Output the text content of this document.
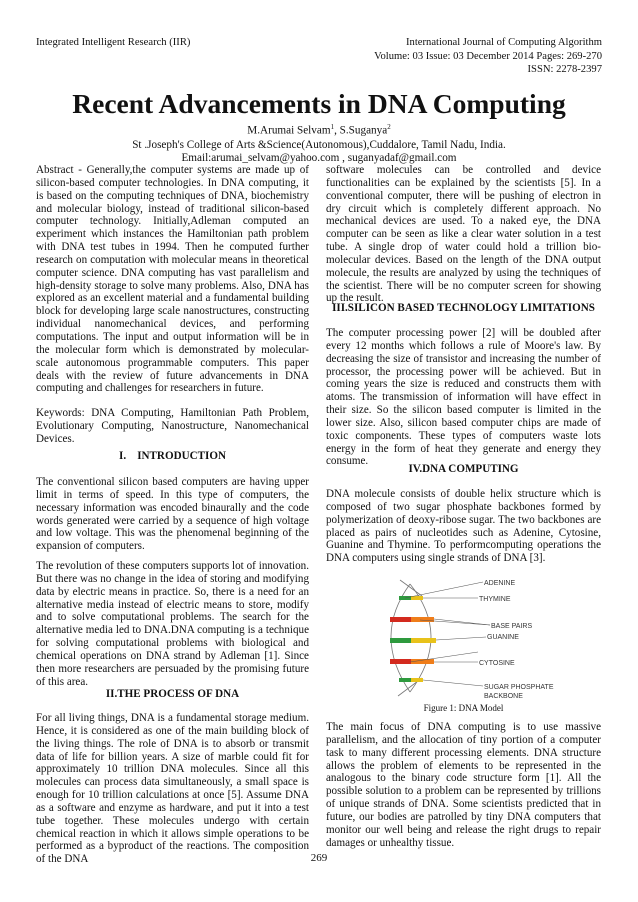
Integrated Intelligent Research (IIR)	International Journal of Computing Algorithm
Volume: 03 Issue: 03 December 2014 Pages: 269-270
ISSN: 2278-2397
Recent Advancements in DNA Computing
M.Arumai Selvam$^1$, S.Suganya$^2$
St .Joseph's College of Arts &Science(Autonomous),Cuddalore, Tamil Nadu, India.
Email:arumai_selvam@yahoo.com , suganyadaf@gmail.com
Abstract - Generally,the computer systems are made up of silicon-based computer technologies. In DNA computing, it is based on the computing techniques of DNA, biochemistry and molecular biology, instead of traditional silicon-based computer technology. Initially,Adleman computed an experiment which instances the Hamiltonian path problem with DNA test tubes in 1994. Then he computed further research on computation with molecular means in theoretical computer science. DNA computing has vast parallelism and high-density storage to solve many problems. Also, DNA has explored as an excellent material and a fundamental building block for developing large scale nanostructures, constructing individual nanomechanical devices, and performing computations. The input and output information will be in the molecular form which is demonstrated by molecular-scale autonomous programmable computers. This paper deals with the review of future advancements in DNA computing and challenges for researchers in future.
Keywords: DNA Computing, Hamiltonian Path Problem, Evolutionary Computing, Nanostructure, Nanomechanical Devices.
I.    INTRODUCTION
The conventional silicon based computers are having upper limit in terms of speed. In this type of computers, the necessary information was encoded binaurally and the code words generated were carried by a sequence of high voltage and low voltage. This was the phenomenal beginning of the expansion of computers.
The revolution of these computers supports lot of innovation. But there was no change in the idea of storing and modifying data by electric means in practice. So, there is a need for an alternative media instead of electric means to store, modify and to solve computational problems. The search for the alternative media led to DNA.DNA computing is a technique for solving computational problems with biological and chemical operations on DNA strand by Adleman [1]. Since then more researchers are persuaded by the promising future of this area.
II.THE PROCESS OF DNA
For all living things, DNA is a fundamental storage medium. Hence, it is considered as one of the main building block of the living things. The role of DNA is to absorb or transmit data of life for billion years. A size of marble could fit for approximately 10 trillion DNA molecules. Since all this molecules can process data simultaneously, a small space is enough for 10 trillion calculations at once [5]. Assume DNA as a software and enzyme as hardware, and put it into a test tube together. These molecules undergo with certain chemical reaction in which it allows simple operations to be performed as a byproduct of the reactions. The composition of the DNA
software molecules can be controlled and device functionalities can be explained by the scientists [5]. In a conventional computer, there will be pushing of electron in dry circuit which is completely different approach. No mechanical devices are used. To a naked eye, the DNA computer can be seen as like a clear water solution in a test tube. A single drop of water could hold a trillion bio-molecular devices. Based on the length of the DNA output molecule, the results are analyzed by using the techniques of the scientist. There will be no computer screen for showing up the result.
III.SILICON BASED TECHNOLOGY LIMITATIONS
The computer processing power [2] will be doubled after every 12 months which follows a rule of Moore's law. By decreasing the size of transistor and increasing the number of processor, the processing power will be achieved. But in coming years the size is reduced and constructs them with atoms. The transmission of information will have effect in their size. So the silicon based computer is limited in the lower size. Also, silicon based computer chips are made of toxic components. These types of computers waste lots energy in the form of heat they generate and energy they consume.
IV.DNA COMPUTING
DNA molecule consists of double helix structure which is composed of two sugar phosphate backbones formed by polymerization of deoxy-ribose sugar. The two backbones are placed as pairs of nucleotides such as Adenine, Cytosine, Guanine and Thymine. To performcomputing operations the DNA computers using single strands of DNA [3].
ADENINE
THYMINE
BASE PAIRS
GUANINE
CYTOSINE
SUGAR PHOSPHATE
BACKBONE
Figure 1: DNA Model
The main focus of DNA computing is to use massive parallelism, and the allocation of tiny portion of a computer task to many different processing elements. DNA structure allows the problem of elements to be represented in the analogous to the binary code structure form [1]. All the possible solution to a problem can be represented by trillions of unique strands of DNA. Some scientists predicted that in future, our bodies are patrolled by tiny DNA computers that monitor our well being and release the right drugs to repair damages or unhealthy tissue.
269
